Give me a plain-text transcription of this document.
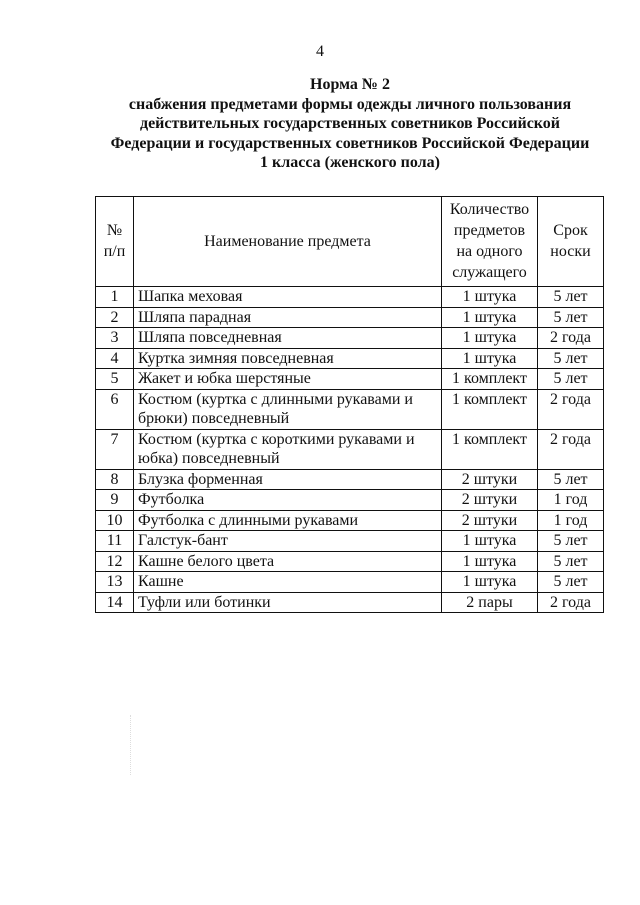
4
Норма № 2
снабжения предметами формы одежды личного пользования
действительных государственных советников Российской
Федерации и государственных советников Российской Федерации
1 класса (женского пола)
№ п/п	Наименование предмета	Количество предметов на одного служащего	Срок носки
1	Шапка меховая	1 штука	5 лет
2	Шляпа парадная	1 штука	5 лет
3	Шляпа повседневная	1 штука	2 года
4	Куртка зимняя повседневная	1 штука	5 лет
5	Жакет и юбка шерстяные	1 комплект	5 лет
6	Костюм (куртка с длинными рукавами и брюки) повседневный	1 комплект	2 года
7	Костюм (куртка с короткими рукавами и юбка) повседневный	1 комплект	2 года
8	Блузка форменная	2 штуки	5 лет
9	Футболка	2 штуки	1 год
10	Футболка с длинными рукавами	2 штуки	1 год
11	Галстук-бант	1 штука	5 лет
12	Кашне белого цвета	1 штука	5 лет
13	Кашне	1 штука	5 лет
14	Туфли или ботинки	2 пары	2 года
